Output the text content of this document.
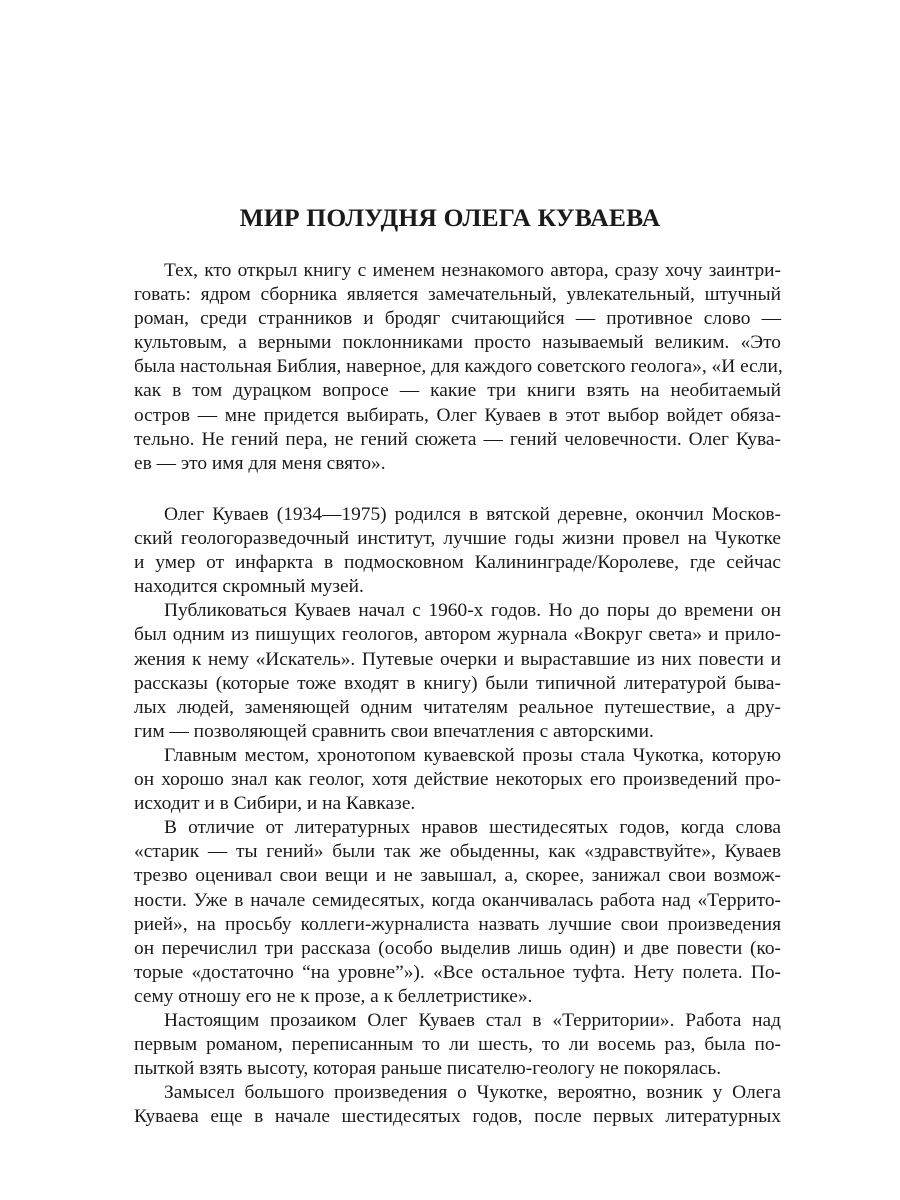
МИР ПОЛУДНЯ ОЛЕГА КУВАЕВА
Тех, кто открыл книгу с именем незнакомого автора, сразу хочу заинтри-
говать: ядром сборника является замечательный, увлекательный, штучный
роман, среди странников и бродяг считающийся — противное слово —
культовым, а верными поклонниками просто называемый великим. «Это
была настольная Библия, наверное, для каждого советского геолога», «И если,
как в том дурацком вопросе — какие три книги взять на необитаемый
остров — мне придется выбирать, Олег Куваев в этот выбор войдет обяза-
тельно. Не гений пера, не гений сюжета — гений человечности. Олег Кува-
ев — это имя для меня свято».
Олег Куваев (1934—1975) родился в вятской деревне, окончил Москов-
ский геологоразведочный институт, лучшие годы жизни провел на Чукотке
и умер от инфаркта в подмосковном Калининграде/Королеве, где сейчас
находится скромный музей.
Публиковаться Куваев начал с 1960-х годов. Но до поры до времени он
был одним из пишущих геологов, автором журнала «Вокруг света» и прило-
жения к нему «Искатель». Путевые очерки и выраставшие из них повести и
рассказы (которые тоже входят в книгу) были типичной литературой быва-
лых людей, заменяющей одним читателям реальное путешествие, а дру-
гим — позволяющей сравнить свои впечатления с авторскими.
Главным местом, хронотопом куваевской прозы стала Чукотка, которую
он хорошо знал как геолог, хотя действие некоторых его произведений про-
исходит и в Сибири, и на Кавказе.
В отличие от литературных нравов шестидесятых годов, когда слова
«старик — ты гений» были так же обыденны, как «здравствуйте», Куваев
трезво оценивал свои вещи и не завышал, а, скорее, занижал свои возмож-
ности. Уже в начале семидесятых, когда оканчивалась работа над «Террито-
рией», на просьбу коллеги-журналиста назвать лучшие свои произведения
он перечислил три рассказа (особо выделив лишь один) и две повести (ко-
торые «достаточно “на уровне”»). «Все остальное туфта. Нету полета. По-
сему отношу его не к прозе, а к беллетристике».
Настоящим прозаиком Олег Куваев стал в «Территории». Работа над
первым романом, переписанным то ли шесть, то ли восемь раз, была по-
пыткой взять высоту, которая раньше писателю-геологу не покорялась.
Замысел большого произведения о Чукотке, вероятно, возник у Олега
Куваева еще в начале шестидесятых годов, после первых литературных
